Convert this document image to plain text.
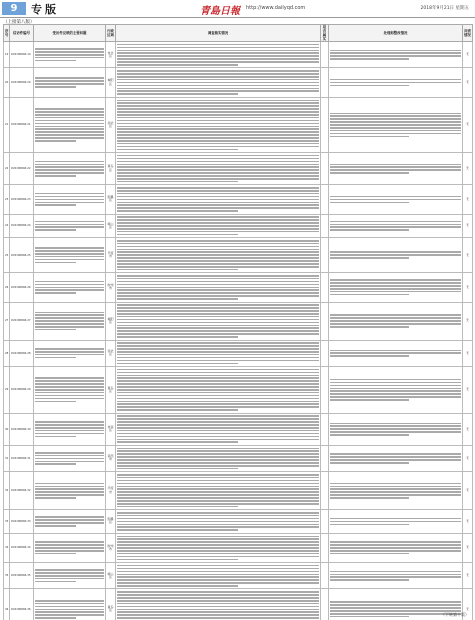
9	专版	青島日報 http://www.dailyqd.com	2018年9月21日 星期五
（上接第八版）
序号	信访件编号	受访件反映的主要问题	行政区域	调查核实情况	是否属实	处理和整改情况	问责情况
19	D2018080Z-19		市北区				无
20	D2018080Z-20		城阳区				无
21	D2018080Z-21		李沧区				无
22	D2018080Z-22		黄岛区				无
23	D2018080Z-23		即墨区				无
24	D2018080Z-24		崂山区				无
25	D2018080Z-25		平度市				无
26	D2018080Z-26		胶州市				无
27	D2018080Z-27		城阳区				无
28	D2018080Z-28		李沧区				无
29	D2018080Z-29		黄岛区				无
30	D2018080Z-30		市南区				无
31	D2018080Z-31		莱西市				无
32	D2018080Z-32		平度市				无
33	D2018080Z-33		即墨区				无
34	D2018080Z-34		胶州市				无
35	D2018080Z-35		崂山区				无
36	D2018080Z-36		黄岛区				无
（下转第十版）
